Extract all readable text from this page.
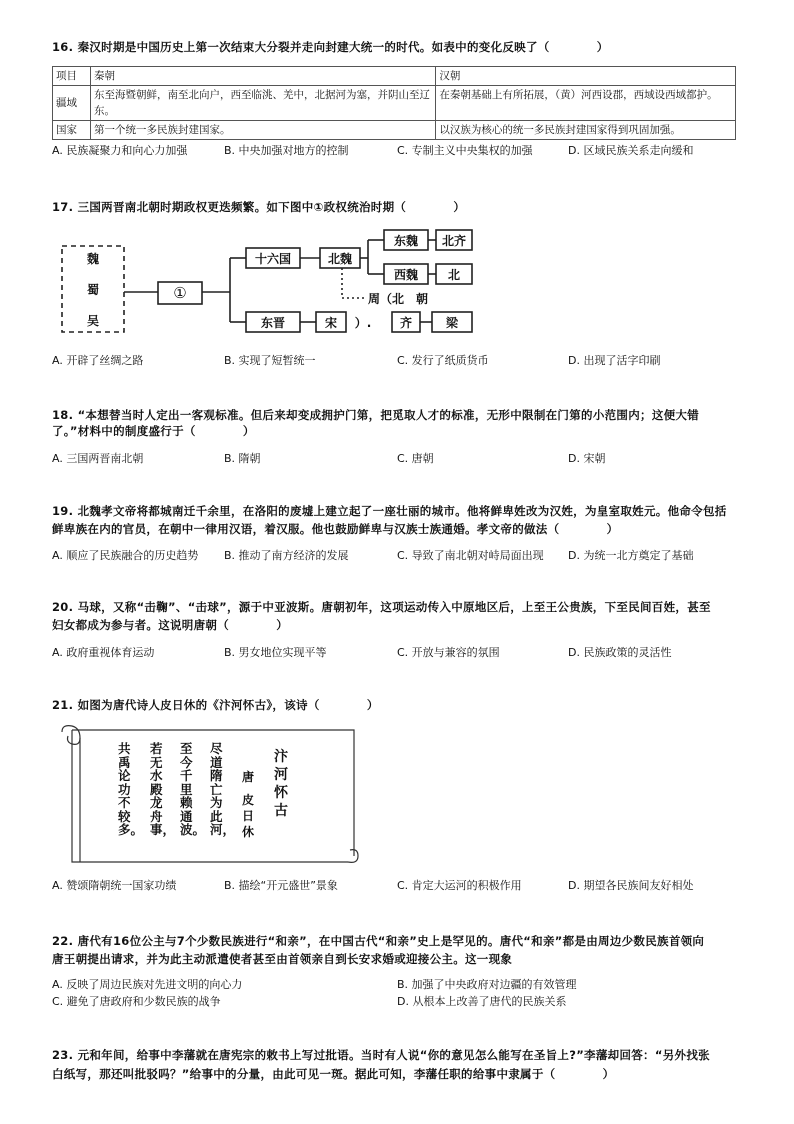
16. 秦汉时期是中国历史上第一次结束大分裂并走向封建大统一的时代。如表中的变化反映了（　　　　）
项目	秦朝	汉朝
疆域	东至海暨朝鲜，南至北向户，西至临洮、羌中，北据河为塞，并阴山至辽东。	在秦朝基础上有所拓展，（黄）河西设郡，西域设西域都护。
国家	第一个统一多民族封建国家。	以汉族为核心的统一多民族封建国家得到巩固加强。
A. 民族凝聚力和向心力加强	B. 中央加强对地方的控制	C. 专制主义中央集权的加强	D. 区域民族关系走向缓和
17. 三国两晋南北朝时期政权更迭频繁。如下图中①政权统治时期（　　　　）
魏
蜀
吴
①
十六国	北魏
东魏 北齐
西魏 北
周（北　朝
东晋	宋 ）.　 齐	梁
A. 开辟了丝绸之路	B. 实现了短暂统一	C. 发行了纸质货币	D. 出现了活字印刷
18. “本想替当时人定出一客观标准。但后来却变成拥护门第，把觅取人才的标准，无形中限制在门第的小范围内；这便大错
了。”材料中的制度盛行于（　　　　）
A. 三国两晋南北朝	B. 隋朝	C. 唐朝	D. 宋朝
19. 北魏孝文帝将都城南迁千余里，在洛阳的废墟上建立起了一座壮丽的城市。他将鲜卑姓改为汉姓，为皇室取姓元。他命令包括
鲜卑族在内的官员，在朝中一律用汉语，着汉服。他也鼓励鲜卑与汉族士族通婚。孝文帝的做法（　　　　）
A. 顺应了民族融合的历史趋势 B. 推动了南方经济的发展	C. 导致了南北朝对峙局面出现 D. 为统一北方奠定了基础
20. 马球，又称“击鞠”、“击球”，源于中亚波斯。唐朝初年，这项运动传入中原地区后，上至王公贵族，下至民间百姓，甚至
妇女都成为参与者。这说明唐朝（　　　　）
A. 政府重视体育运动	B. 男女地位实现平等	C. 开放与兼容的氛围	D. 民族政策的灵活性
21. 如图为唐代诗人皮日休的《汴河怀古》，该诗（　　　　）
共禹论功不较多。
若无水殿龙舟事，
至今千里赖通波。
尽道隋亡为此河，
唐
皮日休
汴河怀古
A. 赞颂隋朝统一国家功绩	B. 描绘“开元盛世”景象	C. 肯定大运河的积极作用	D. 期望各民族间友好相处
22. 唐代有16位公主与7个少数民族进行“和亲”，在中国古代“和亲”史上是罕见的。唐代“和亲”都是由周边少数民族首领向
唐王朝提出请求，并为此主动派遣使者甚至由首领亲自到长安求婚或迎接公主。这一现象
A. 反映了周边民族对先进文明的向心力	B. 加强了中央政府对边疆的有效管理
C. 避免了唐政府和少数民族的战争	D. 从根本上改善了唐代的民族关系
23. 元和年间，给事中李藩就在唐宪宗的敕书上写过批语。当时有人说“你的意见怎么能写在圣旨上?”李藩却回答：“另外找张
白纸写，那还叫批驳吗？”给事中的分量，由此可见一斑。据此可知，李藩任职的给事中隶属于（　　　　）
